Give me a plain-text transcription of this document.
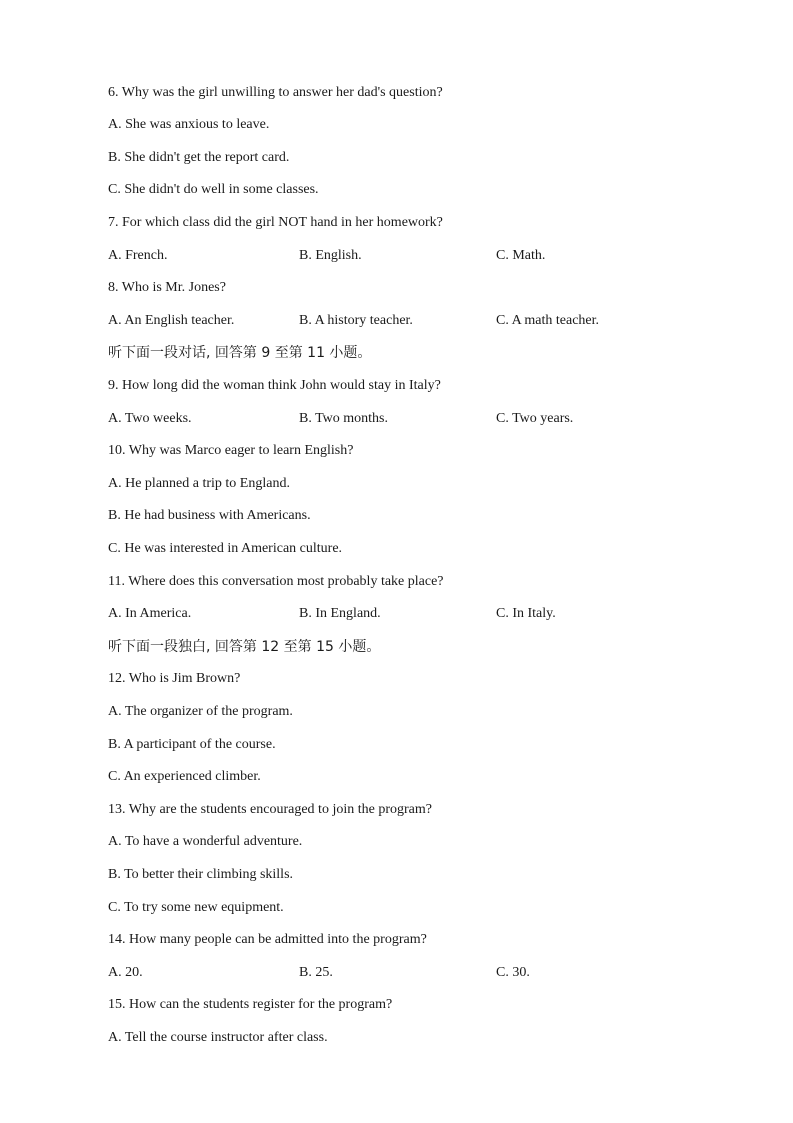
6. Why was the girl unwilling to answer her dad's question?
A. She was anxious to leave.
B. She didn't get the report card.
C. She didn't do well in some classes.
7. For which class did the girl NOT hand in her homework?
A. French.	B. English.	C. Math.
8. Who is Mr. Jones?
A. An English teacher.	B. A history teacher.	C. A math teacher.
听下面一段对话, 回答第 9 至第 11 小题。
9. How long did the woman think John would stay in Italy?
A. Two weeks.	B. Two months.	C. Two years.
10. Why was Marco eager to learn English?
A. He planned a trip to England.
B. He had business with Americans.
C. He was interested in American culture.
11. Where does this conversation most probably take place?
A. In America.	B. In England.	C. In Italy.
听下面一段独白, 回答第 12 至第 15 小题。
12. Who is Jim Brown?
A. The organizer of the program.
B. A participant of the course.
C. An experienced climber.
13. Why are the students encouraged to join the program?
A. To have a wonderful adventure.
B. To better their climbing skills.
C. To try some new equipment.
14. How many people can be admitted into the program?
A. 20.	B. 25.	C. 30.
15. How can the students register for the program?
A. Tell the course instructor after class.
